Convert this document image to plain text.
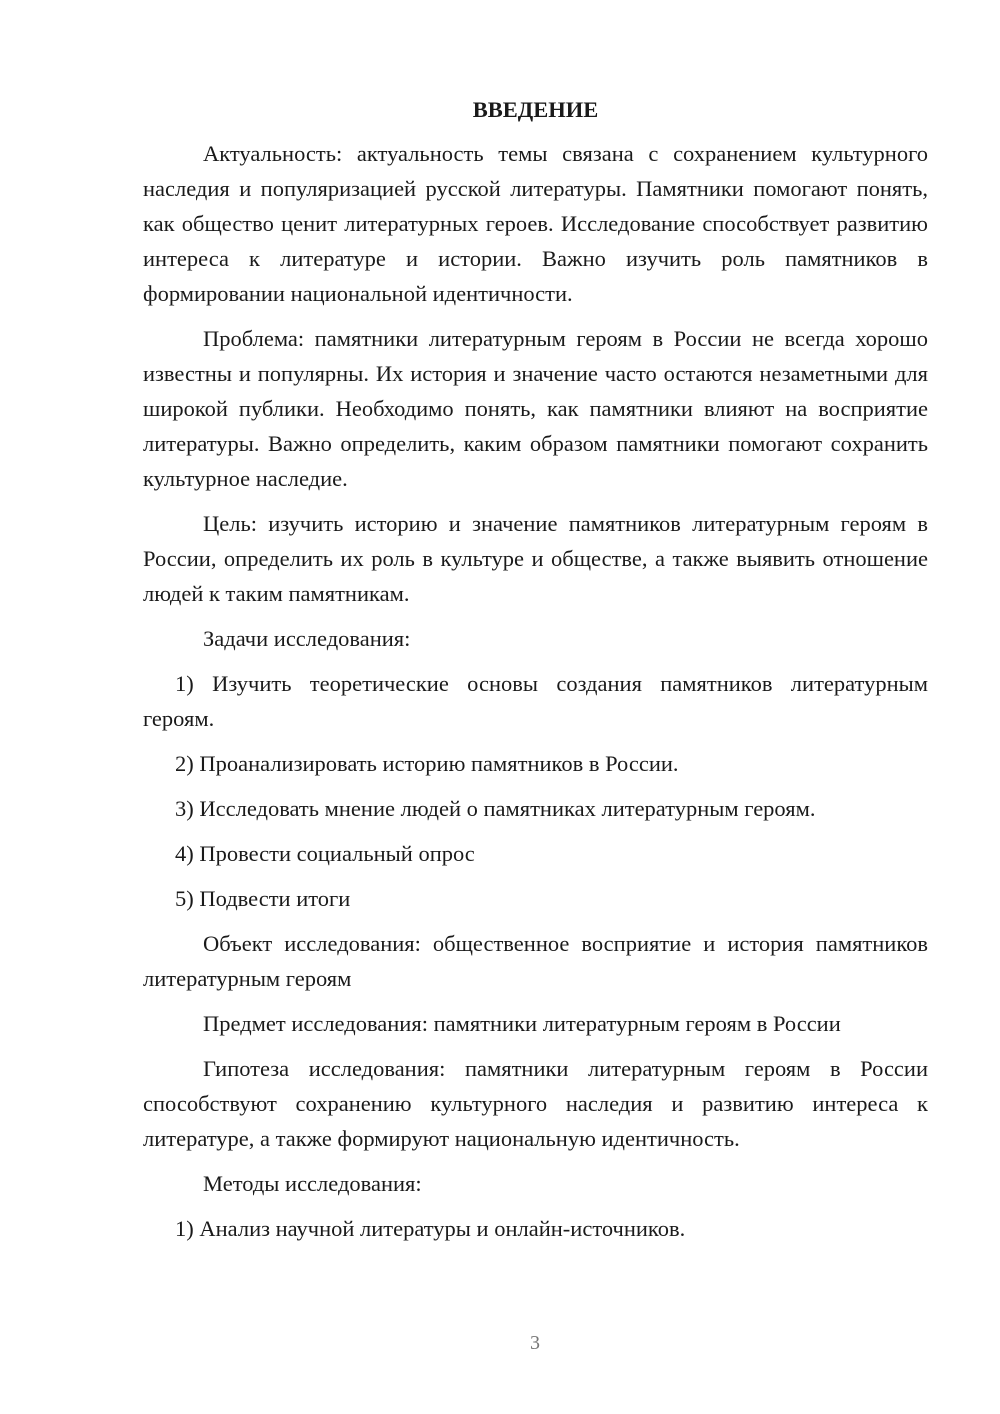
ВВЕДЕНИЕ
Актуальность: актуальность темы связана с сохранением культурного наследия и популяризацией русской литературы. Памятники помогают понять, как общество ценит литературных героев. Исследование способствует развитию интереса к литературе и истории. Важно изучить роль памятников в формировании национальной идентичности.
Проблема: памятники литературным героям в России не всегда хорошо известны и популярны. Их история и значение часто остаются незаметными для широкой публики. Необходимо понять, как памятники влияют на восприятие литературы. Важно определить, каким образом памятники помогают сохранить культурное наследие.
Цель: изучить историю и значение памятников литературным героям в России, определить их роль в культуре и обществе, а также выявить отношение людей к таким памятникам.
Задачи исследования:
1) Изучить теоретические основы создания памятников литературным героям.
2) Проанализировать историю памятников в России.
3) Исследовать мнение людей о памятниках литературным героям.
4) Провести социальный опрос
5) Подвести итоги
Объект исследования: общественное восприятие и история памятников литературным героям
Предмет исследования: памятники литературным героям в России
Гипотеза исследования: памятники литературным героям в России способствуют сохранению культурного наследия и развитию интереса к литературе, а также формируют национальную идентичность.
Методы исследования:
1) Анализ научной литературы и онлайн-источников.
3
